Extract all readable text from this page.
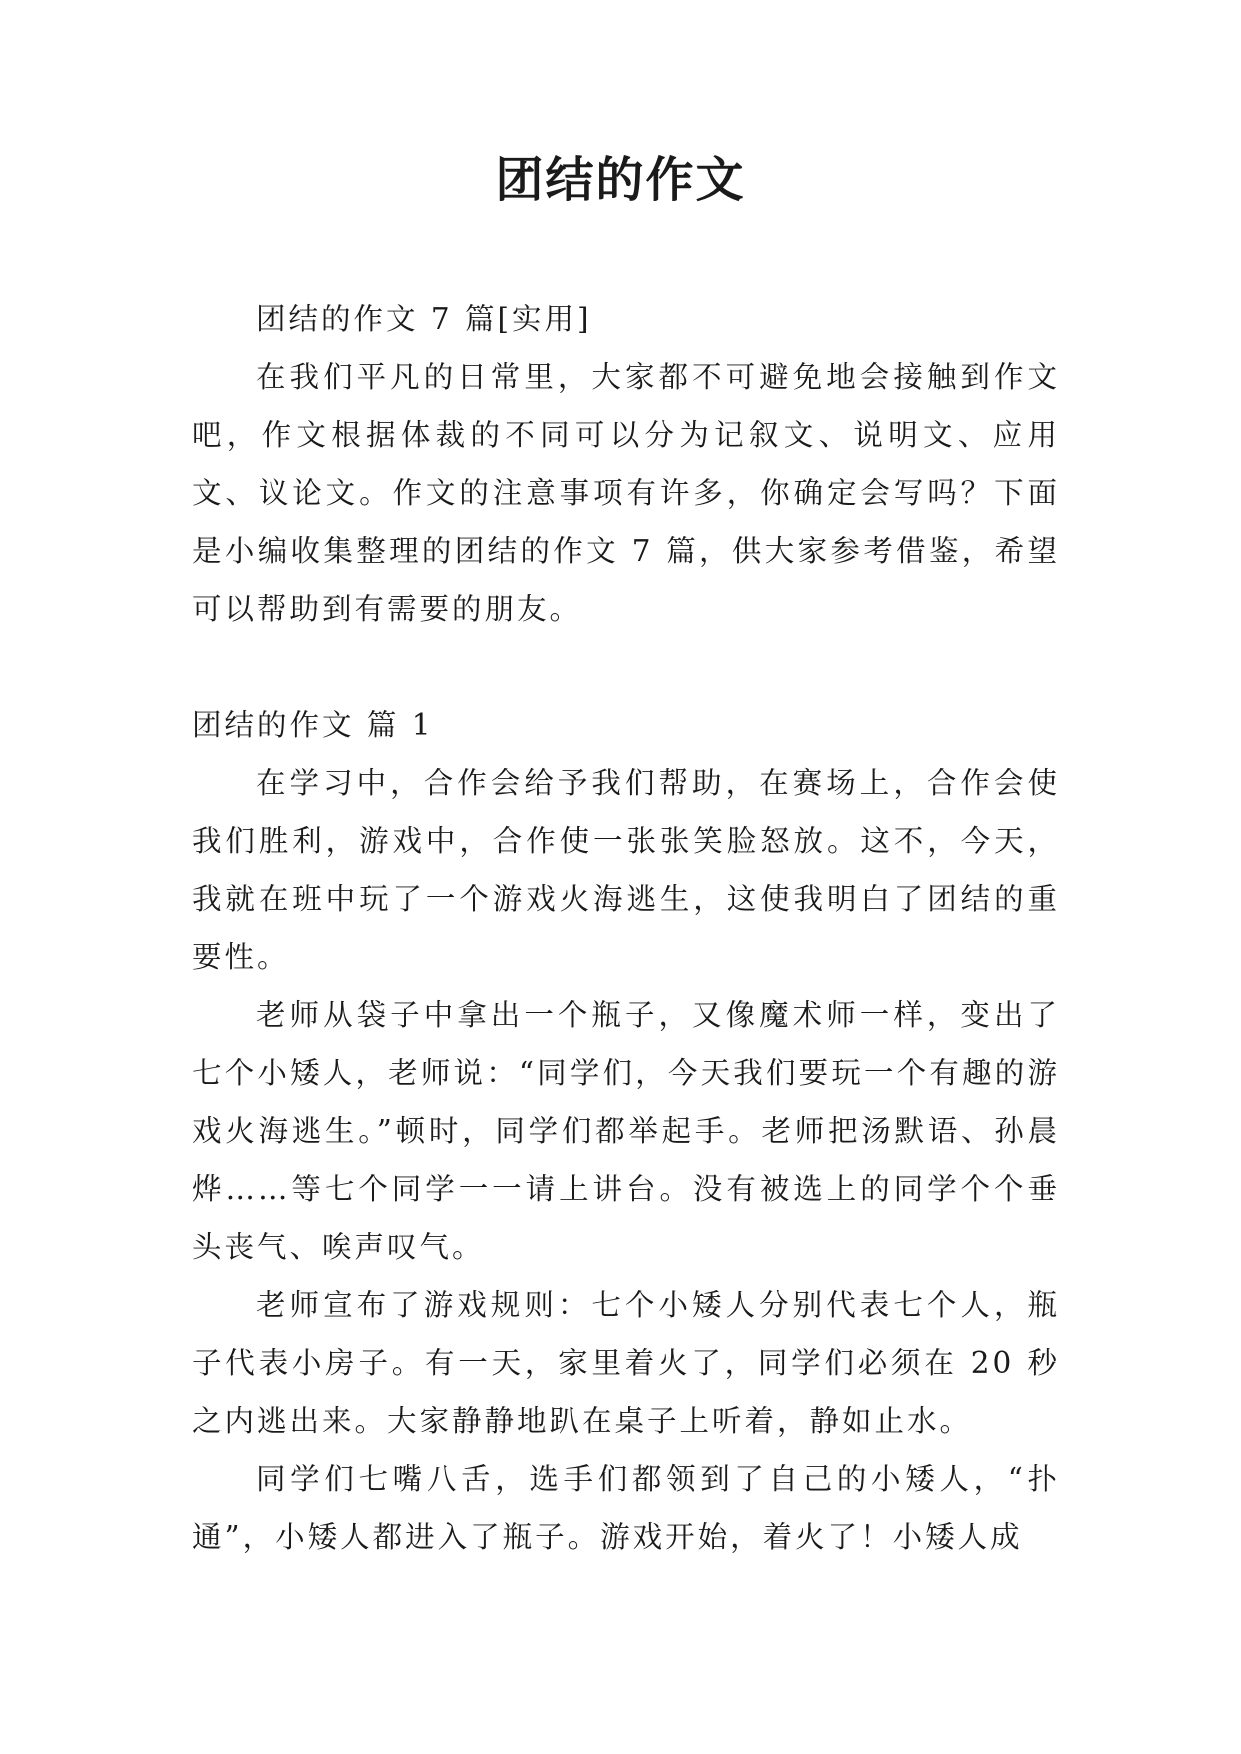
团结的作文

团结的作文 7 篇[实用]

在我们平凡的日常里，大家都不可避免地会接触到作文吧，作文根据体裁的不同可以分为记叙文、说明文、应用文、议论文。作文的注意事项有许多，你确定会写吗？下面是小编收集整理的团结的作文 7 篇，供大家参考借鉴，希望可以帮助到有需要的朋友。

团结的作文 篇 1

在学习中，合作会给予我们帮助，在赛场上，合作会使我们胜利，游戏中，合作使一张张笑脸怒放。这不，今天，我就在班中玩了一个游戏火海逃生，这使我明白了团结的重要性。

老师从袋子中拿出一个瓶子，又像魔术师一样，变出了七个小矮人，老师说：“同学们，今天我们要玩一个有趣的游戏火海逃生。”顿时，同学们都举起手。老师把汤默语、孙晨烨……等七个同学一一请上讲台。没有被选上的同学个个垂头丧气、唉声叹气。

老师宣布了游戏规则：七个小矮人分别代表七个人，瓶子代表小房子。有一天，家里着火了，同学们必须在 20 秒之内逃出来。大家静静地趴在桌子上听着，静如止水。

同学们七嘴八舌，选手们都领到了自己的小矮人，“扑通”，小矮人都进入了瓶子。游戏开始，着火了！小矮人成
